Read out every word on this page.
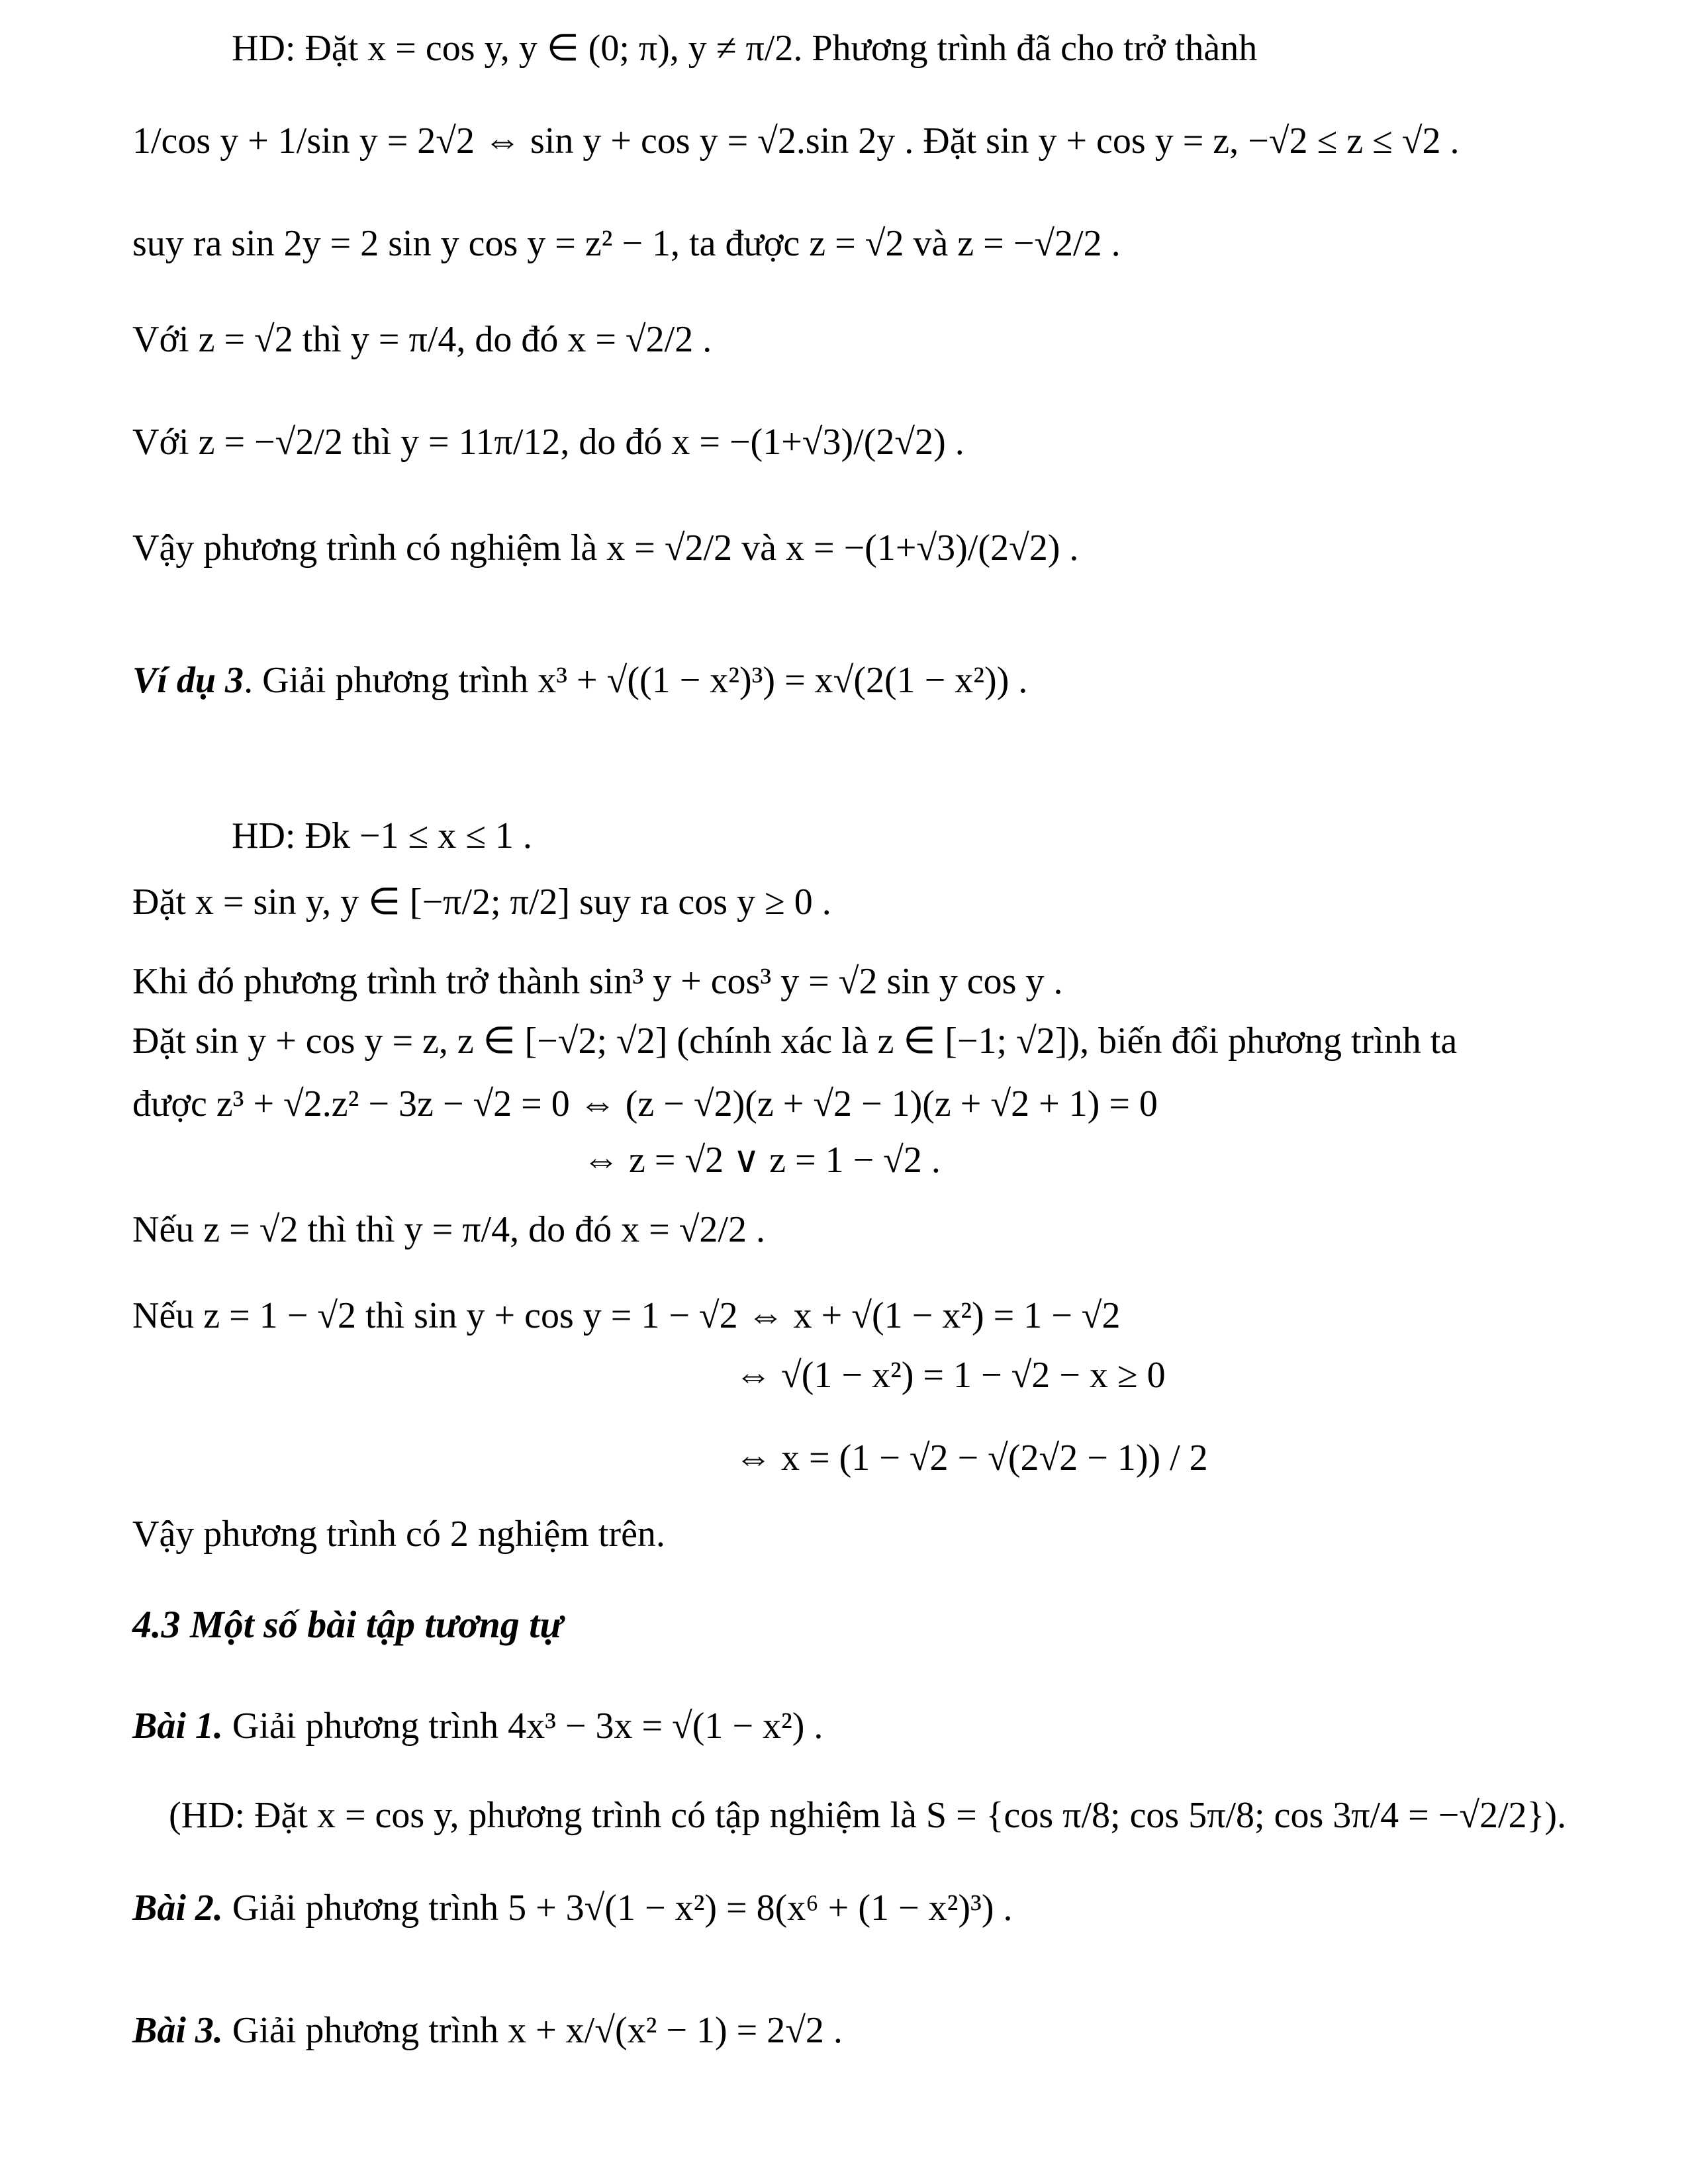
HD: Đặt x = cos y, y ∈ (0; π), y ≠ π/2. Phương trình đã cho trở thành
1/cos y + 1/sin y = 2√2 ⇔ sin y + cos y = √2.sin 2y . Đặt sin y + cos y = z, −√2 ≤ z ≤ √2 .
suy ra sin 2y = 2 sin y cos y = z² − 1, ta được z = √2 và z = −√2/2 .
Với z = √2 thì y = π/4, do đó x = √2/2 .
Với z = −√2/2 thì y = 11π/12, do đó x = −(1+√3)/(2√2) .
Vậy phương trình có nghiệm là x = √2/2 và x = −(1+√3)/(2√2) .
Ví dụ 3. Giải phương trình x³ + √((1 − x²)³) = x√(2(1 − x²)) .
HD: Đk −1 ≤ x ≤ 1 .
Đặt x = sin y, y ∈ [−π/2; π/2] suy ra cos y ≥ 0 .
Khi đó phương trình trở thành sin³ y + cos³ y = √2 sin y cos y .
Đặt sin y + cos y = z, z ∈ [−√2; √2] (chính xác là z ∈ [−1; √2]), biến đổi phương trình ta
được z³ + √2.z² − 3z − √2 = 0 ⇔ (z − √2)(z + √2 − 1)(z + √2 + 1) = 0
⇔ z = √2 ∨ z = 1 − √2 .
Nếu z = √2 thì thì y = π/4, do đó x = √2/2 .
Nếu z = 1 − √2 thì sin y + cos y = 1 − √2 ⇔ x + √(1 − x²) = 1 − √2
⇔ √(1 − x²) = 1 − √2 − x ≥ 0
⇔ x = (1 − √2 − √(2√2 − 1)) / 2
Vậy phương trình có 2 nghiệm trên.
4.3 Một số bài tập tương tự
Bài 1. Giải phương trình 4x³ − 3x = √(1 − x²) .
(HD: Đặt x = cos y, phương trình có tập nghiệm là S = {cos π/8; cos 5π/8; cos 3π/4 = −√2/2}).
Bài 2. Giải phương trình 5 + 3√(1 − x²) = 8(x⁶ + (1 − x²)³) .
Bài 3. Giải phương trình x + x/√(x² − 1) = 2√2 .
